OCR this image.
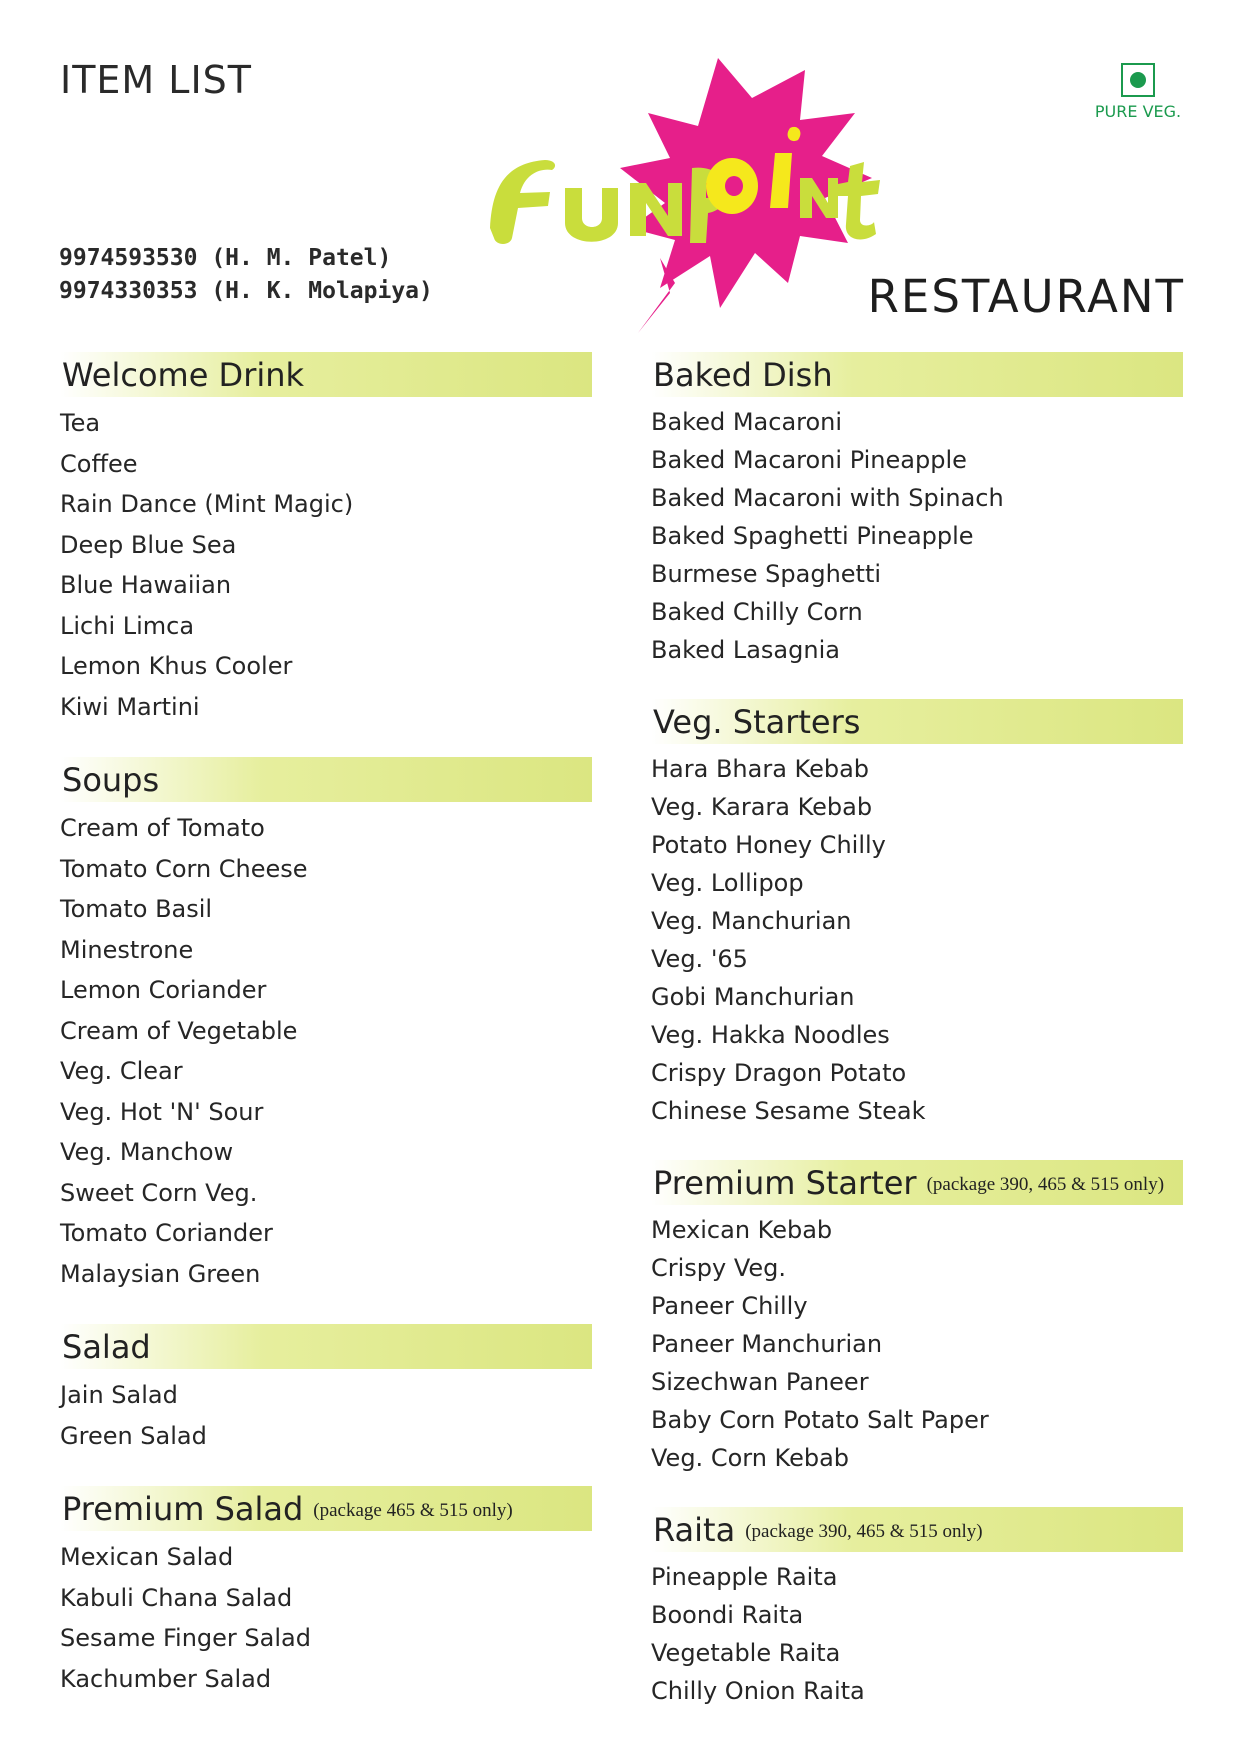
ITEM LIST
9974593530 (H. M. Patel)
9974330353 (H. K. Molapiya)
PURE VEG.
RESTAURANT
Welcome Drink
Tea
Coffee
Rain Dance (Mint Magic)
Deep Blue Sea
Blue Hawaiian
Lichi Limca
Lemon Khus Cooler
Kiwi Martini
Soups
Cream of Tomato
Tomato Corn Cheese
Tomato Basil
Minestrone
Lemon Coriander
Cream of Vegetable
Veg. Clear
Veg. Hot 'N' Sour
Veg. Manchow
Sweet Corn Veg.
Tomato Coriander
Malaysian Green
Salad
Jain Salad
Green Salad
Premium Salad (package 465 & 515 only)
Mexican Salad
Kabuli Chana Salad
Sesame Finger Salad
Kachumber Salad
Baked Dish
Baked Macaroni
Baked Macaroni Pineapple
Baked Macaroni with Spinach
Baked Spaghetti Pineapple
Burmese Spaghetti
Baked Chilly Corn
Baked Lasagnia
Veg. Starters
Hara Bhara Kebab
Veg. Karara Kebab
Potato Honey Chilly
Veg. Lollipop
Veg. Manchurian
Veg. '65
Gobi Manchurian
Veg. Hakka Noodles
Crispy Dragon Potato
Chinese Sesame Steak
Premium Starter (package 390, 465 & 515 only)
Mexican Kebab
Crispy Veg.
Paneer Chilly
Paneer Manchurian
Sizechwan Paneer
Baby Corn Potato Salt Paper
Veg. Corn Kebab
Raita (package 390, 465 & 515 only)
Pineapple Raita
Boondi Raita
Vegetable Raita
Chilly Onion Raita
